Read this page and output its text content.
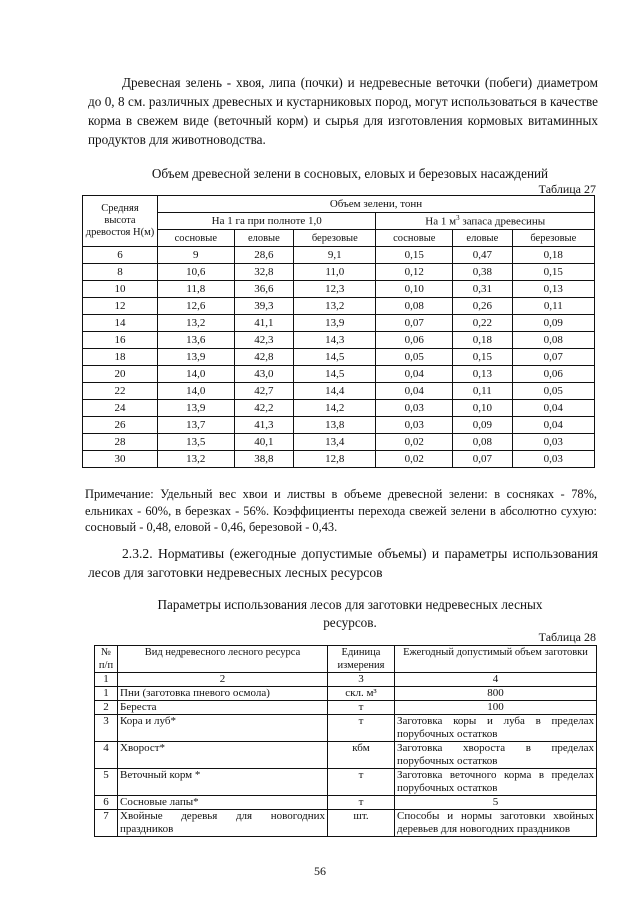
Древесная зелень - хвоя, липа (почки) и недревесные веточки (побеги) диаметром до 0, 8 см. различных древесных и кустарниковых пород, могут использоваться в качестве корма в свежем виде (веточный корм) и сырья для изготовления кормовых витаминных продуктов для животноводства.

Объем древесной зелени в сосновых, еловых и березовых насаждений
Таблица 27
Средняя высота древостоя Н(м)	Объем зелени, тонн					
	На 1 га при полноте 1,0			На 1 $м^3$ запаса древесины		
	сосновые	еловые	березовые	сосновые	еловые	березовые
6	9	28,6	9,1	0,15	0,47	0,18
8	10,6	32,8	11,0	0,12	0,38	0,15
10	11,8	36,6	12,3	0,10	0,31	0,13
12	12,6	39,3	13,2	0,08	0,26	0,11
14	13,2	41,1	13,9	0,07	0,22	0,09
16	13,6	42,3	14,3	0,06	0,18	0,08
18	13,9	42,8	14,5	0,05	0,15	0,07
20	14,0	43,0	14,5	0,04	0,13	0,06
22	14,0	42,7	14,4	0,04	0,11	0,05
24	13,9	42,2	14,2	0,03	0,10	0,04
26	13,7	41,3	13,8	0,03	0,09	0,04
28	13,5	40,1	13,4	0,02	0,08	0,03
30	13,2	38,8	12,8	0,02	0,07	0,03

Примечание: Удельный вес хвои и листвы в объеме древесной зелени: в сосняках - 78%, ельниках - 60%, в березках - 56%. Коэффициенты перехода свежей зелени в абсолютно сухую: сосновый - 0,48, еловой - 0,46, березовой - 0,43.

2.3.2. Нормативы (ежегодные допустимые объемы) и параметры использования лесов для заготовки недревесных лесных ресурсов

Параметры использования лесов для заготовки недревесных лесных ресурсов.

Таблица 28
№ п/п	Вид недревесного лесного ресурса	Единица измерения	Ежегодный допустимый объем заготовки
1	2	3	4
1	Пни (заготовка пневого осмола)	скл. м³	800
2	Береста	т	100
3	Кора и луб*	т	Заготовка коры и луба в пределах порубочных остатков
4	Хворост*	кбм	Заготовка хвороста в пределах порубочных остатков
5	Веточный корм *	т	Заготовка веточного корма в пределах порубочных остатков
6	Сосновые лапы*	т	5
7	Хвойные деревья для новогодних праздников	шт.	Способы и нормы заготовки хвойных деревьев для новогодних праздников
56
